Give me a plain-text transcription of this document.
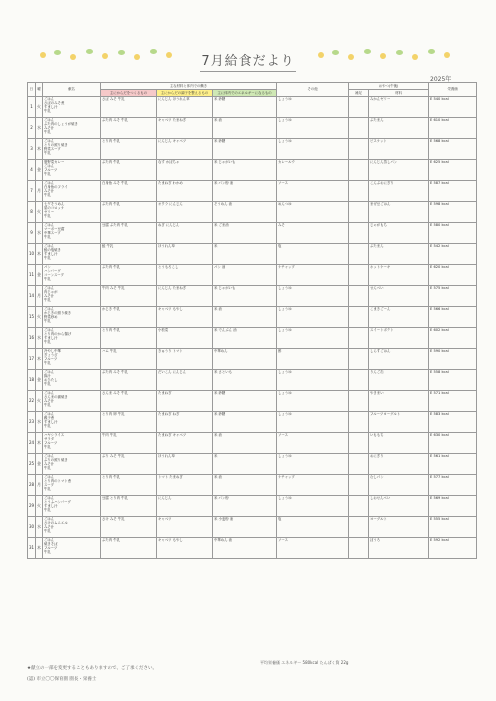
7月給食だより
2025年
日	曜	献名	主な材料と体内での働き			その他	おやつ(午後)		栄養価
			主にからだをつくるもの	主にからだの調子を整えるもの	主に体内でのエネルギーになるもの		補足	材料	
1	火	ごはん
さばのみそ煮
すまし汁
牛乳	さば みそ 牛乳	にんじん ほうれん草	米 砂糖	しょうゆ		みかんゼリー	E 540 kcal
2	水	ごはん
ぶた肉のしょうが焼き
みそ汁
牛乳	ぶた肉 みそ 牛乳	キャベツ たまねぎ	米 油	しょうゆ		ぶたまん	E 610 kcal
3	木	ごはん
とりの照り焼き
野菜スープ
牛乳	とり肉 牛乳	にんじん キャベツ	米 砂糖	しょうゆ		ビスケット	E 568 kcal
4	金	夏野菜カレー
ごはん
フルーツ
牛乳	ぶた肉 牛乳	なす かぼちゃ	米 じゃがいも	カレールウ		にんじん蒸しパン	E 625 kcal
7	月	ごはん
白身魚のフライ
みそ汁
牛乳	白身魚 みそ 牛乳	たまねぎ わかめ	米 パン粉 油	ソース		こんぶおにぎり	E 587 kcal
8	火	七夕そうめん
星のコロッケ
ゼリー
牛乳	ぶた肉 牛乳	オクラ にんじん	そうめん 油	めんつゆ		まぜ豆ごはん	E 598 kcal
9	水	ごはん
マーボー豆腐
中華スープ
牛乳	豆腐 ぶた肉 牛乳	ねぎ にんじん	米 ごま油	みそ		じゃがもち	E 580 kcal
10	木	ごはん
鮭の塩焼き
すまし汁
牛乳	鮭 牛乳	ほうれん草	米	塩		ぶたまん	E 542 kcal
11	金	パン
ハンバーグ
コーンスープ
牛乳	ぶた肉 牛乳	とうもろこし	パン 油	ケチャップ		ホットケーキ	E 620 kcal
14	月	ごはん
肉じゃが
みそ汁
牛乳	牛肉 みそ 牛乳	にんじん たまねぎ	米 じゃがいも	しょうゆ		せんべい	E 575 kcal
15	火	ごはん
かじきの照り焼き
野菜炒め
牛乳	かじき 牛乳	キャベツ もやし	米 油	しょうゆ		こまきごーん	E 566 kcal
16	水	ごはん
とり肉のから揚げ
すまし汁
牛乳	とり肉 牛乳	小松菜	米 でんぷん 油	しょうゆ		スイートポテト	E 602 kcal
17	木	冷やし中華
ぎょうざ
フルーツ
牛乳	ハム 牛乳	きゅうり トマト	中華めん	酢		しらすごはん	E 590 kcal
18	金	ごはん
豚汁
おひたし
牛乳	ぶた肉 みそ 牛乳	だいこん にんじん	米 さといも	しょうゆ		りんご缶	E 558 kcal
22	火	ごはん
さんまの蒲焼き
みそ汁
牛乳	さんま みそ 牛乳	たまねぎ	米 砂糖	しょうゆ		やきまい	E 571 kcal
23	水	ごはん
親子煮
すまし汁
牛乳	とり肉 卵 牛乳	たまねぎ ねぎ	米 砂糖	しょうゆ		フルーツヨーグルト	E 583 kcal
24	木	ハヤシライス
サラダ
フルーツ
牛乳	牛肉 牛乳	たまねぎ キャベツ	米 油	ソース		いももち	E 630 kcal
25	金	ごはん
ぶりの照り焼き
みそ汁
牛乳	ぶり みそ 牛乳	ほうれん草	米	しょうゆ		おにぎり	E 561 kcal
28	月	ごはん
とり肉のトマト煮
スープ
牛乳	とり肉 牛乳	トマト たまねぎ	米 油	ケチャップ		むしパン	E 577 kcal
29	火	ごはん
とうふハンバーグ
すまし汁
牛乳	豆腐 とり肉 牛乳	にんじん	米 パン粉	しょうゆ		しおせんべい	E 569 kcal
30	水	ごはん
さけのムニエル
みそ汁
牛乳	さけ みそ 牛乳	キャベツ	米 小麦粉 油	塩		ヨーグルト	E 555 kcal
31	木	ごはん
焼きそば
フルーツ
牛乳	ぶた肉 牛乳	キャベツ もやし	中華めん 油	ソース		ぼうろ	E 592 kcal
平均栄養価 エネルギー 580kcal たんぱく質 22g
★献立の一部を変更することもありますので、ご了承ください。
(認) 市立〇〇保育園 園長・栄養士
